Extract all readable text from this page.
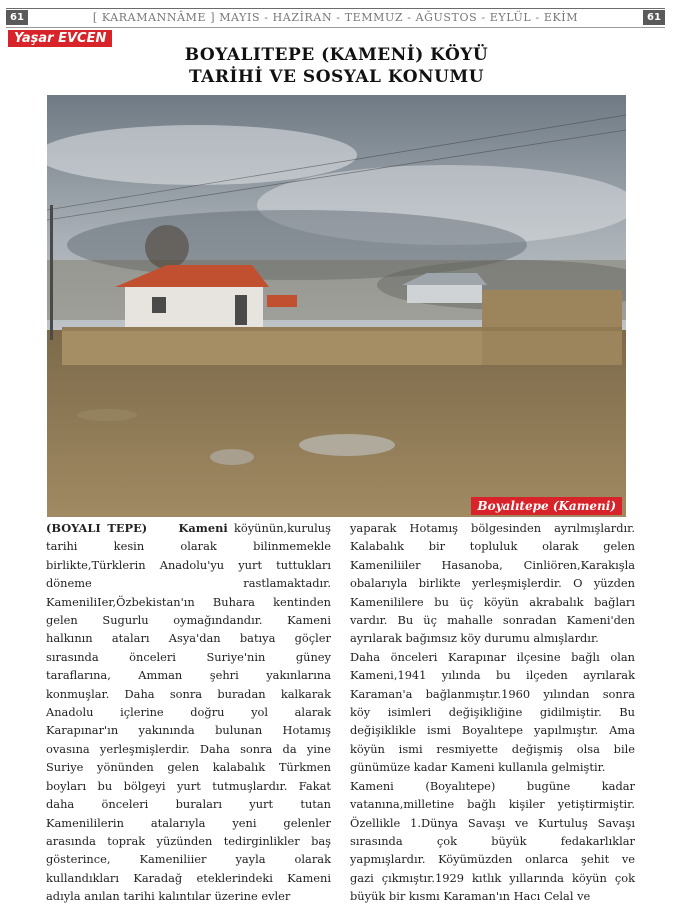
61	[ KARAMANNÂME ] MAYIS - HAZİRAN - TEMMUZ - AĞUSTOS - EYLÜL - EKİM	61
Yaşar EVCEN
BOYALITEPE (KAMENİ) KÖYÜ
TARİHİ VE SOSYAL KONUMU
Boyalıtepe (Kameni)
(BOYALI TEPE)	Kameni köyünün,kuruluş
tarihi kesin olarak bilinmemekle
birlikte,Türklerin Anadolu'yu yurt tuttukları
döneme rastlamaktadır.
KameniliIer,Özbekistan'ın Buhara kentinden
gelen Sugurlu oymağındandır. Kameni
halkının ataları Asya'dan batıya göçler
sırasında önceleri Suriye'nin güney
taraflarına, Amman şehri yakınlarına
konmuşlar. Daha sonra buradan kalkarak
Anadolu içlerine doğru yol alarak
Karapınar'ın yakınında bulunan Hotamış
ovasına yerleşmişlerdir. Daha sonra da yine
Suriye yönünden gelen kalabalık Türkmen
boyları bu bölgeyi yurt tutmuşlardır. Fakat
daha önceleri buraları yurt tutan
Kamenililerin atalarıyla yeni gelenler
arasında toprak yüzünden tedirginlikler baş
gösterince, Kameniliier yayla olarak
kullandıkları Karadağ eteklerindeki Kameni
adıyla anılan tarihi kalıntılar üzerine evler
yaparak Hotamış bölgesinden ayrılmışlardır.
Kalabalık bir topluluk olarak gelen
Kameniliiler Hasanoba, Cinliören,Karakışla
obalarıyla birlikte yerleşmişlerdir. O yüzden
Kamenililere bu üç köyün akrabalık bağları
vardır. Bu üç mahalle sonradan Kameni'den
ayrılarak bağımsız köy durumu almışlardır.
Daha önceleri Karapınar ilçesine bağlı olan
Kameni,1941 yılında bu ilçeden ayrılarak
Karaman'a bağlanmıştır.1960 yılından sonra
köy isimleri değişikliğine gidilmiştir. Bu
değişiklikle ismi Boyalıtepe yapılmıştır. Ama
köyün ismi resmiyette değişmiş olsa bile
günümüze kadar Kameni kullanıla gelmiştir.
Kameni (Boyalıtepe) bugüne kadar
vatanına,milletine bağlı kişiler yetiştirmiştir.
Özellikle 1.Dünya Savaşı ve Kurtuluş Savaşı
sırasında çok büyük fedakarlıklar
yapmışlardır. Köyümüzden onlarca şehit ve
gazi çıkmıştır.1929 kıtlık yıllarında köyün çok
büyük bir kısmı Karaman'ın Hacı Celal ve
